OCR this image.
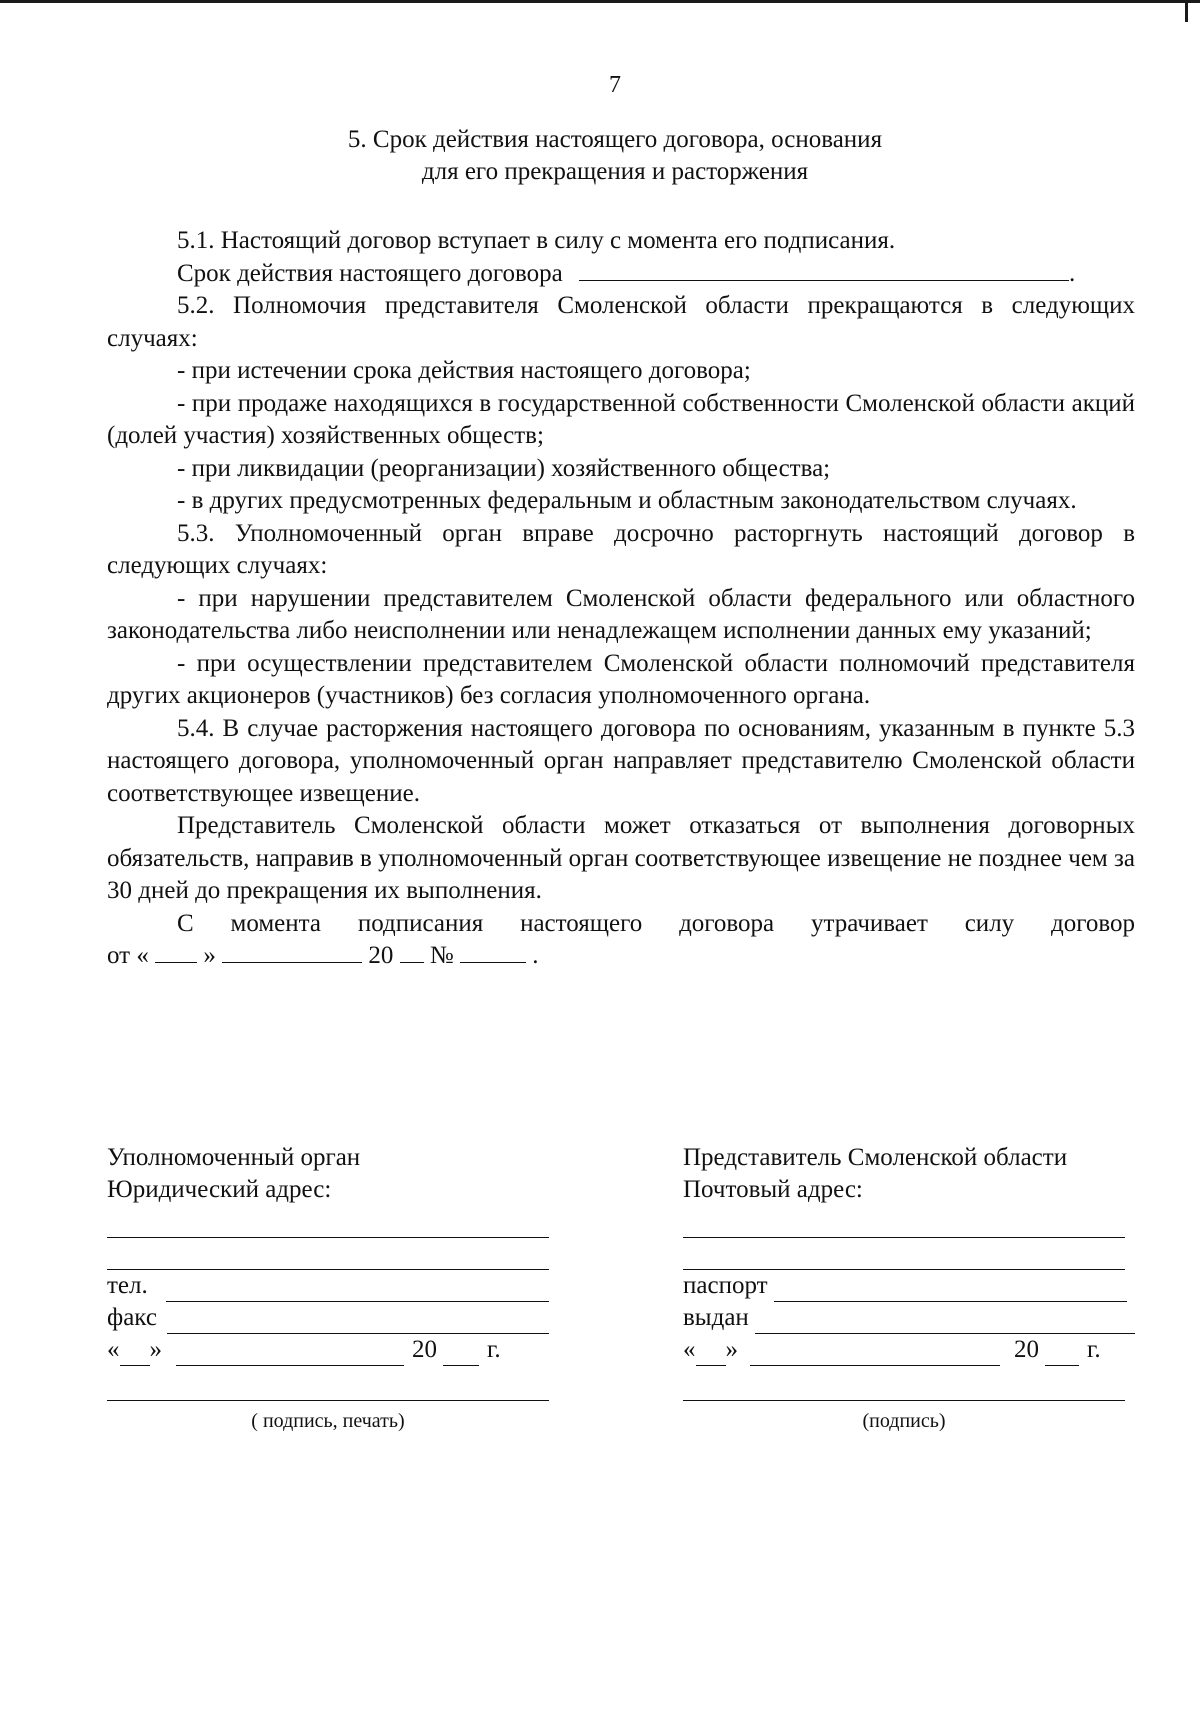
7
5. Срок действия настоящего договора, основания
для его прекращения и расторжения

5.1. Настоящий договор вступает в силу с момента его подписания.

Срок действия настоящего договора	.

5.2. Полномочия представителя Смоленской области прекращаются в следующих случаях:

- при истечении срока действия настоящего договора;

- при продаже находящихся в государственной собственности Смоленской области акций (долей участия) хозяйственных обществ;

- при ликвидации (реорганизации) хозяйственного общества;

- в других предусмотренных федеральным и областным законодательством случаях.

5.3. Уполномоченный орган вправе досрочно расторгнуть настоящий договор в следующих случаях:

- при нарушении представителем Смоленской области федерального или областного законодательства либо неисполнении или ненадлежащем исполнении данных ему указаний;

- при осуществлении представителем Смоленской области полномочий представителя других акционеров (участников) без согласия уполномоченного органа.

5.4. В случае расторжения настоящего договора по основаниям, указанным в пункте 5.3 настоящего договора, уполномоченный орган направляет представителю Смоленской области соответствующее извещение.

Представитель Смоленской области может отказаться от выполнения договорных обязательств, направив в уполномоченный орган соответствующее извещение не позднее чем за 30 дней до прекращения их выполнения.

С момента подписания настоящего договора утрачивает силу договор

от « »	20 №	.

Уполномоченный орган
Юридический адрес:
тел.
факс
« »	20 г.
( подпись, печать)
Представитель Смоленской области
Почтовый адрес:
паспорт
выдан
« »	20 г.
(подпись)
